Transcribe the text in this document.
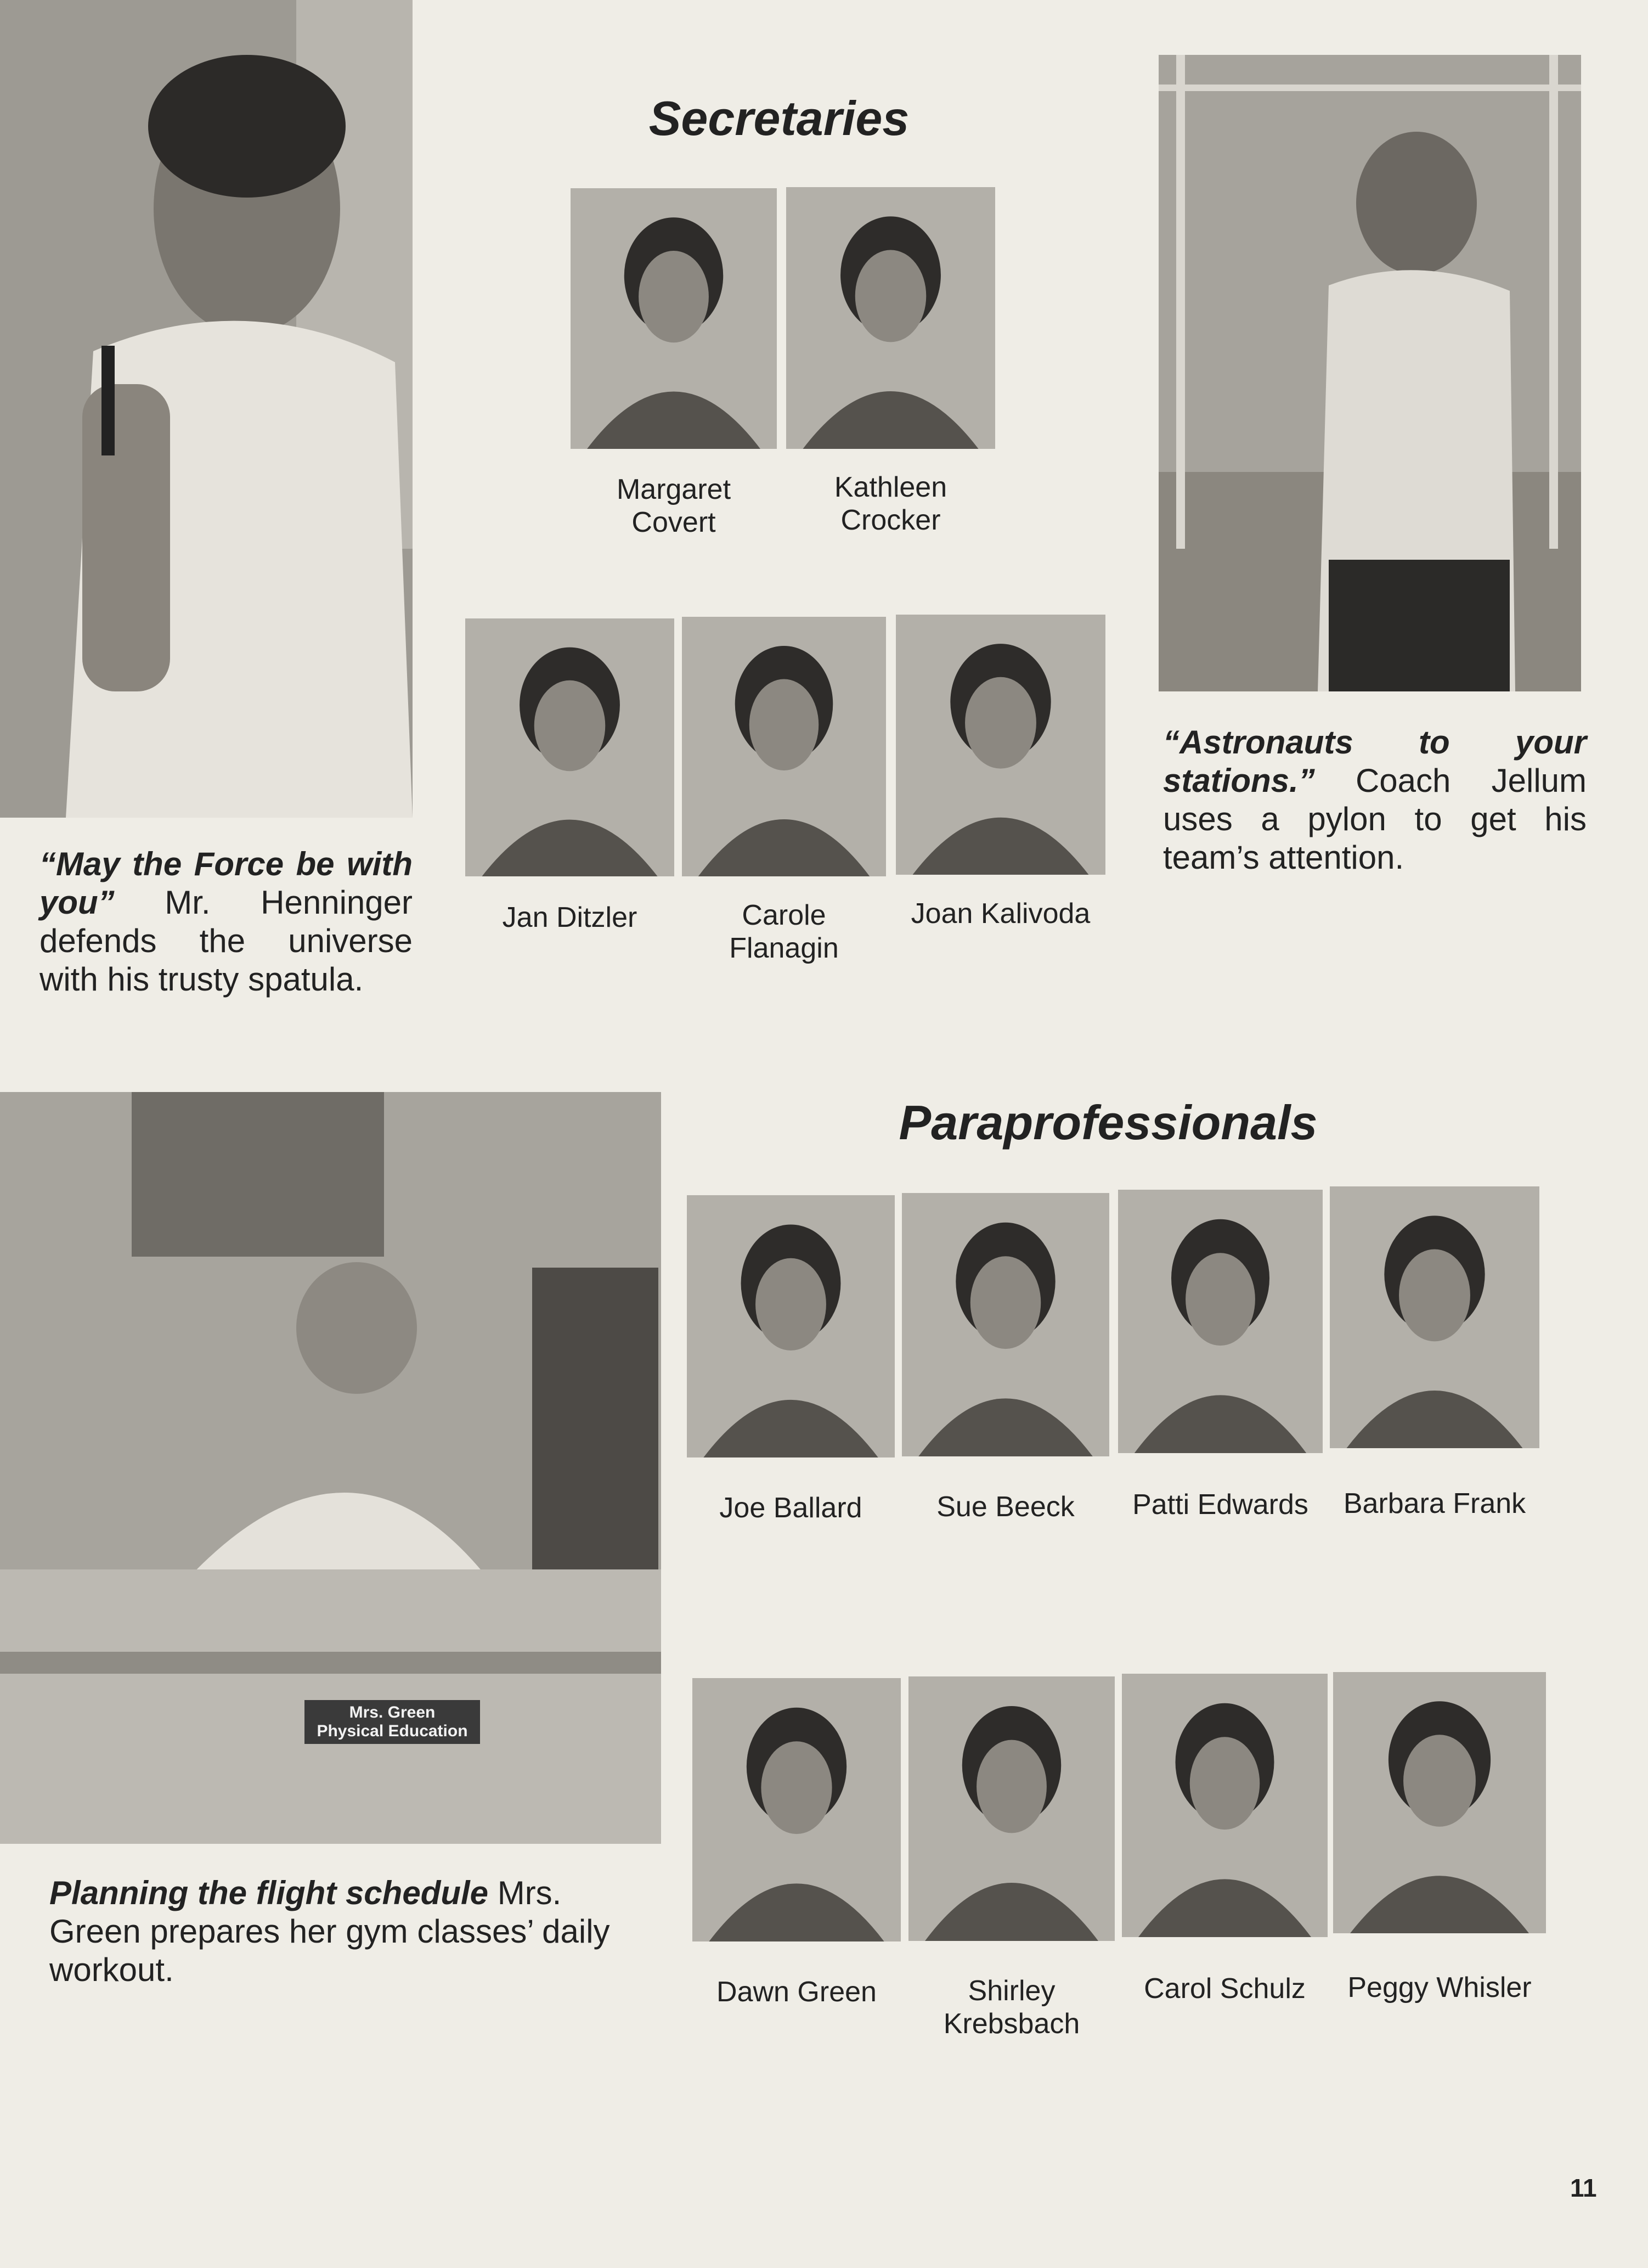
Mrs. Green
Physical Education
Secretaries
Margaret
Covert
Kathleen
Crocker
Jan Ditzler	Carole
Flanagin
Joan Kalivoda
Paraprofessionals
Joe Ballard	Sue Beeck	Patti Edwards	Barbara Frank
Dawn Green	Shirley
Krebsbach
Carol Schulz	Peggy Whisler
“May the Force be with you” Mr. Henninger defends the universe with his trusty spatula.
“Astronauts to your stations.” Coach Jellum uses a pylon to get his team’s attention.
Planning the flight schedule Mrs. Green prepares her gym classes’ daily workout.
11
